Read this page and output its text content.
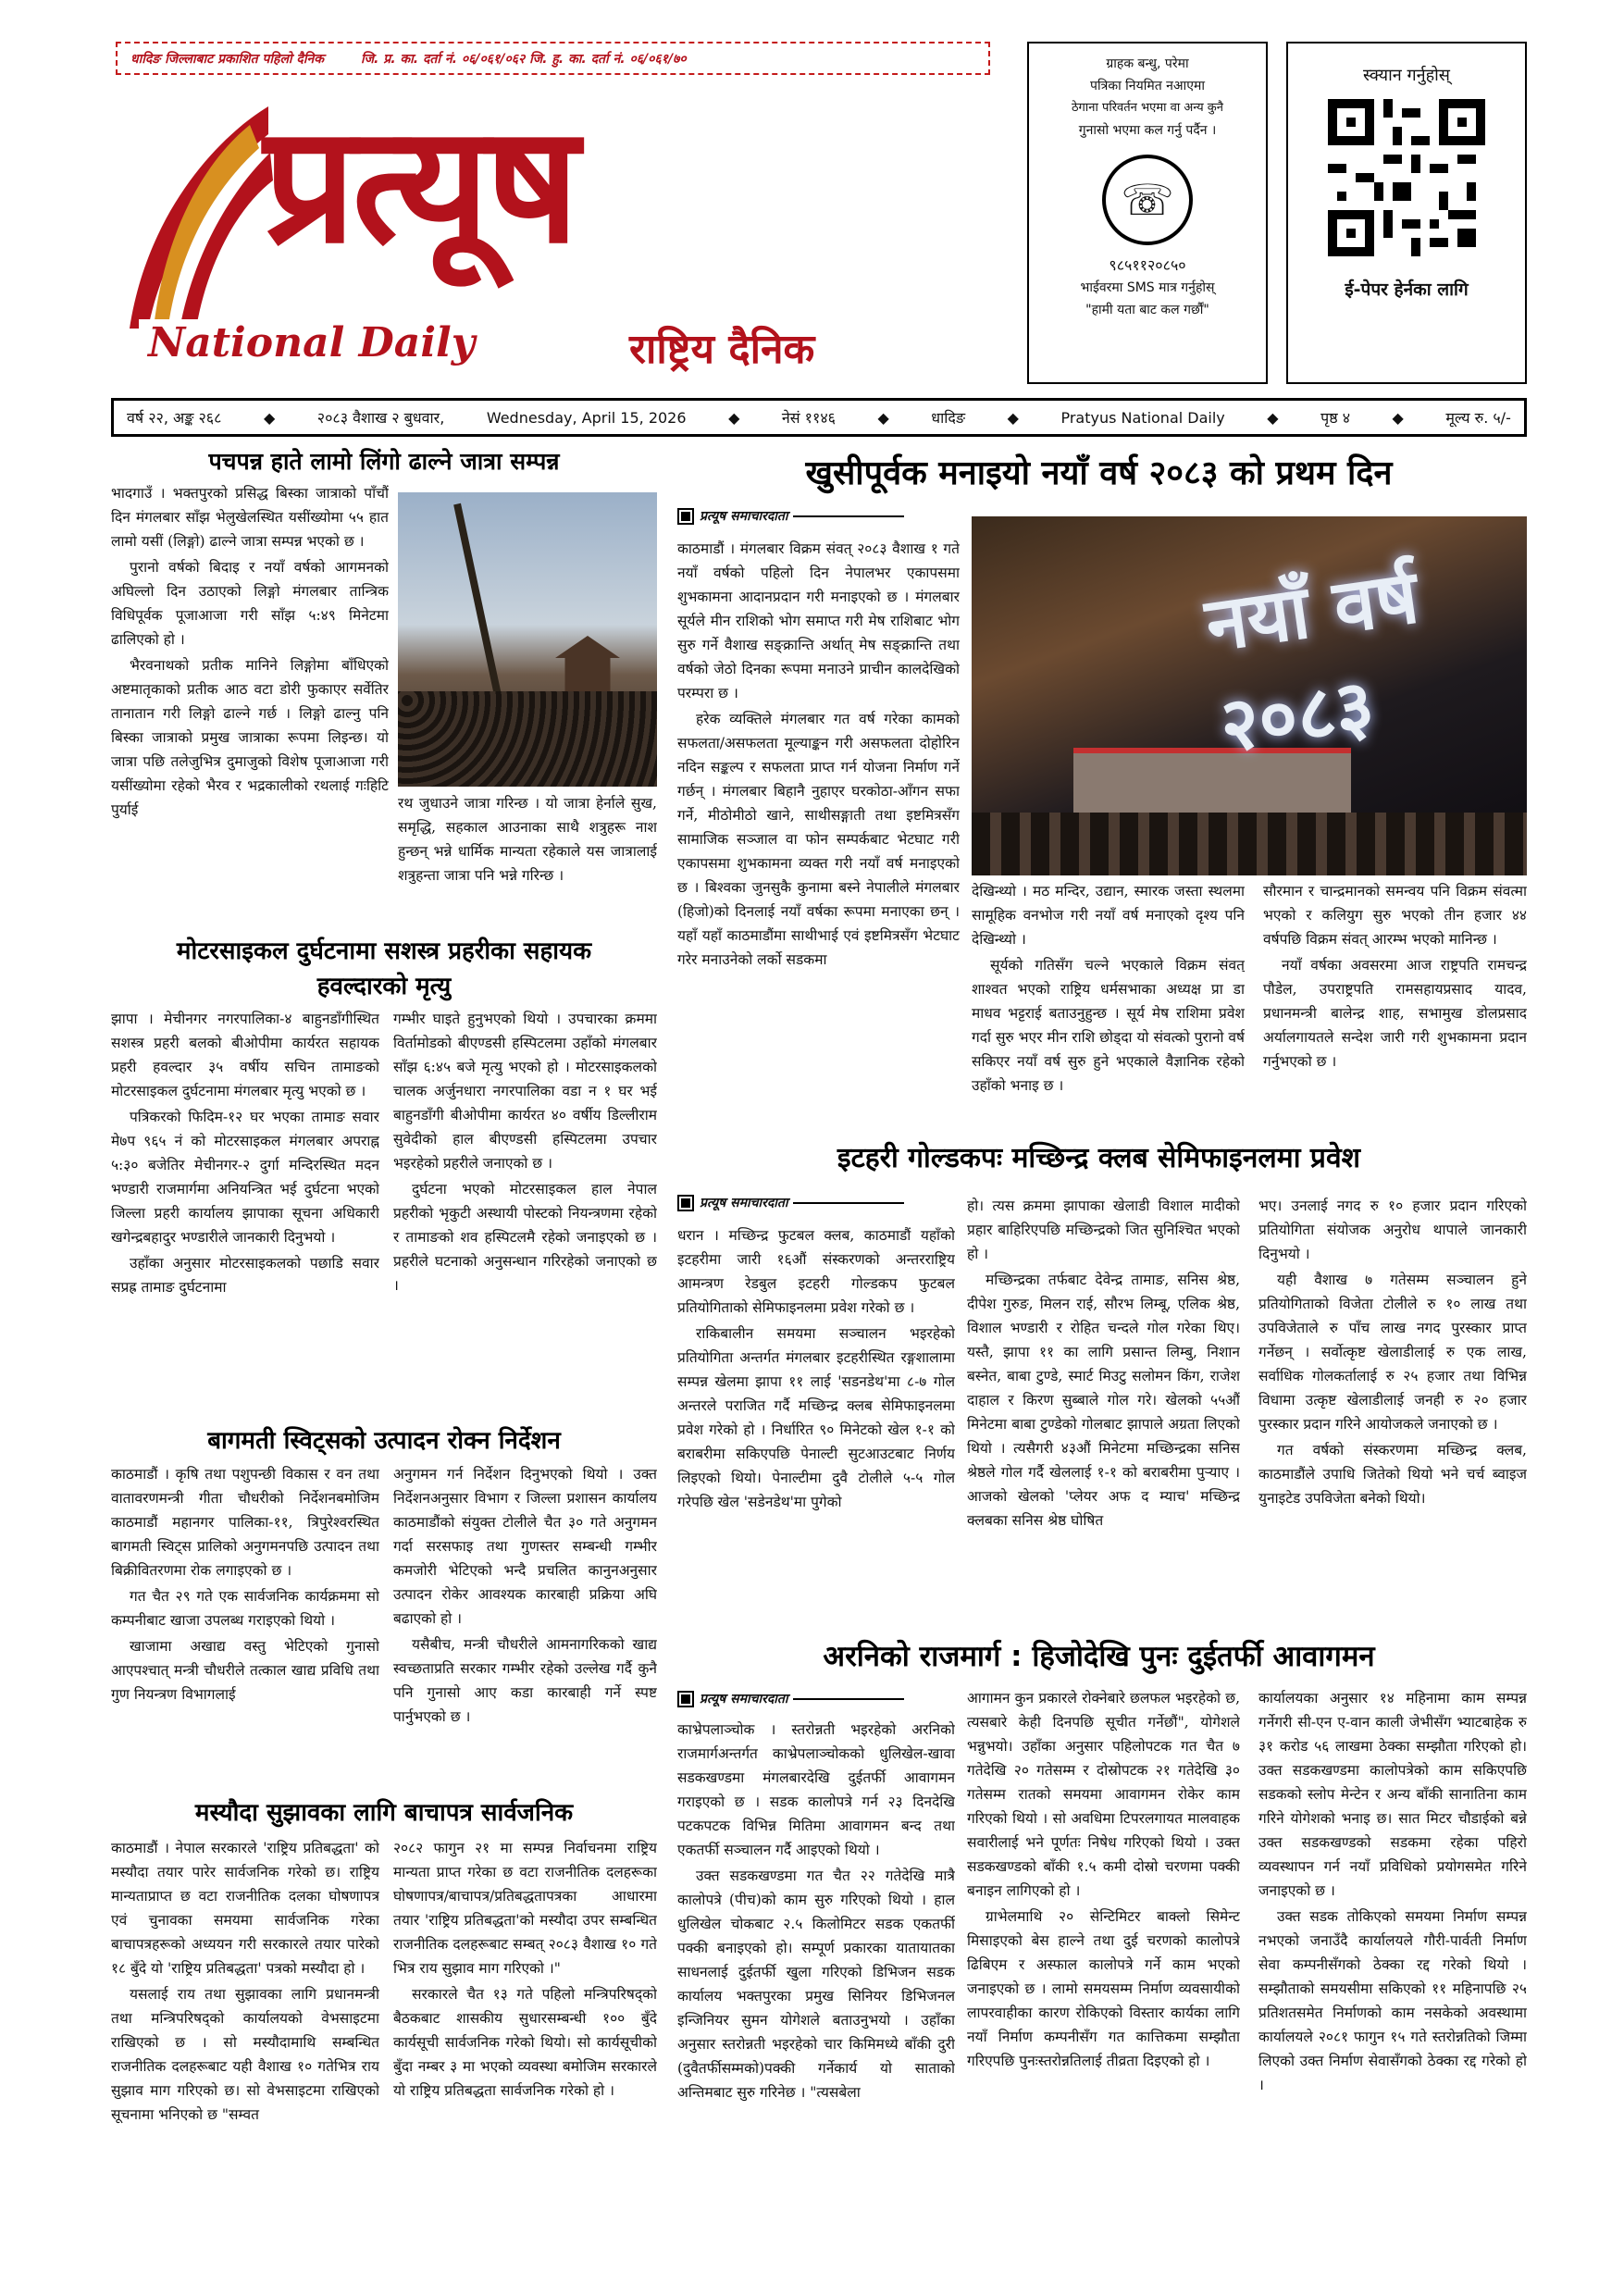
धादिङ जिल्लाबाट प्रकाशित पहिलो दैनिक	जि. प्र. का. दर्ता नं. ०६/०६१/०६२ जि. हु. का. दर्ता नं. ०६/०६१/७०
प्रत्यूष
National Daily	राष्ट्रिय दैनिक
ग्राहक बन्धु, परेमा
पत्रिका नियमित नआएमा
ठेगाना परिवर्तन भएमा वा अन्य कुनै
गुनासो भएमा कल गर्नु पर्दैन ।
☏
९८५११२०८५०
भाईवरमा SMS मात्र गर्नुहोस्
"हामी यता बाट कल गर्छौं"
स्क्यान गर्नुहोस्
ई-पेपर हेर्नका लागि
वर्ष २२, अङ्क २६८	◆	२०८३ वैशाख २ बुधवार,	Wednesday, April 15, 2026	◆	नेसं ११४६	◆	धादिङ	◆	Pratyus National Daily	◆	पृष्ठ ४	◆	मूल्य रु. ५/-
पचपन्न हाते लामो लिंगो ढाल्ने जात्रा सम्पन्न

भादगाउँ । भक्तपुरको प्रसिद्ध बिस्का जात्राको पाँचौं दिन मंगलबार साँझ भेलुखेलस्थित यसींख्योमा ५५ हात लामो यसीं (लिङ्गो) ढाल्ने जात्रा सम्पन्न भएको छ ।

पुरानो वर्षको बिदाइ र नयाँ वर्षको आगमनको अघिल्लो दिन उठाएको लिङ्गो मंगलबार तान्त्रिक विधिपूर्वक पूजाआजा गरी साँझ ५:४९ मिनेटमा ढालिएको हो ।

भैरवनाथको प्रतीक मानिने लिङ्गोमा बाँधिएको अष्टमातृकाको प्रतीक आठ वटा डोरी फुकाएर सर्वेतिर तानातान गरी लिङ्गो ढाल्ने गर्छ । लिङ्गो ढाल्नु पनि बिस्का जात्राको प्रमुख जात्राका रूपमा लिइन्छ। यो जात्रा पछि तलेजुभित्र दुमाजुको विशेष पूजाआजा गरी यसींख्योमा रहेको भैरव र भद्रकालीको रथलाई गःहिटि पुर्याई	रथ जुधाउने जात्रा गरिन्छ । यो जात्रा हेर्नाले सुख, समृद्धि, सहकाल आउनाका साथै शत्रुहरू नाश हुन्छन् भन्ने धार्मिक मान्यता रहेकाले यस जात्रालाई शत्रुहन्ता जात्रा पनि भन्ने गरिन्छ ।
खुसीपूर्वक मनाइयो नयाँ वर्ष २०८३ को प्रथम दिन
प्रत्यूष समाचारदाता

काठमाडौं । मंगलबार विक्रम संवत् २०८३ वैशाख १ गते नयाँ वर्षको पहिलो दिन नेपालभर एकापसमा शुभकामना आदानप्रदान गरी मनाइएको छ । मंगलबार सूर्यले मीन राशिको भोग समाप्त गरी मेष राशिबाट भोग सुरु गर्ने वैशाख सङ्क्रान्ति अर्थात् मेष सङ्क्रान्ति तथा वर्षको जेठो दिनका रूपमा मनाउने प्राचीन कालदेखिको परम्परा छ ।

हरेक व्यक्तिले मंगलबार गत वर्ष गरेका कामको सफलता/असफलता मूल्याङ्कन गरी असफलता दोहोरिन नदिन सङ्कल्प र सफलता प्राप्त गर्न योजना निर्माण गर्ने गर्छन् । मंगलबार बिहानै नुहाएर घरकोठा-आँगन सफा गर्ने, मीठोमीठो खाने, साथीसङ्गाती तथा इष्टमित्रसँग सामाजिक सञ्जाल वा फोन सम्पर्कबाट भेटघाट गरी एकापसमा शुभकामना व्यक्त गरी नयाँ वर्ष मनाइएको छ । बिश्वका जुनसुकै कुनामा बस्ने नेपालीले मंगलबार (हिजो)को दिनलाई नयाँ वर्षका रूपमा मनाएका छन् । यहाँ यहाँ काठमाडौंमा साथीभाई एवं इष्टमित्रसँग भेटघाट गरेर मनाउनेको लर्को सडकमा

नयाँ वर्ष २०८३

देखिन्थ्यो । मठ मन्दिर, उद्यान, स्मारक जस्ता स्थलमा सामूहिक वनभोज गरी नयाँ वर्ष मनाएको दृश्य पनि देखिन्थ्यो ।

सूर्यको गतिसँग चल्ने भएकाले विक्रम संवत् शाश्वत भएको राष्ट्रिय धर्मसभाका अध्यक्ष प्रा डा माधव भट्टराई बताउनुहुन्छ । सूर्य मेष राशिमा प्रवेश गर्दा सुरु भएर मीन राशि छोड्दा यो संवत्को पुरानो वर्ष सकिएर नयाँ वर्ष सुरु हुने भएकाले वैज्ञानिक रहेको उहाँको भनाइ छ ।

सौरमान र चान्द्रमानको समन्वय पनि विक्रम संवत्मा भएको र कलियुग सुरु भएको तीन हजार ४४ वर्षपछि विक्रम संवत् आरम्भ भएको मानिन्छ ।

नयाँ वर्षका अवसरमा आज राष्ट्रपति रामचन्द्र पौडेल, उपराष्ट्रपति रामसहायप्रसाद यादव, प्रधानमन्त्री बालेन्द्र शाह, सभामुख डोलप्रसाद अर्यालगायतले सन्देश जारी गरी शुभकामना प्रदान गर्नुभएको छ ।

मोटरसाइकल दुर्घटनामा सशस्त्र प्रहरीका सहायक
हवल्दारको मृत्यु

झापा । मेचीनगर नगरपालिका-४ बाहुनडाँगीस्थित सशस्त्र प्रहरी बलको बीओपीमा कार्यरत सहायक प्रहरी हवल्दार ३५ वर्षीय सचिन तामाङको मोटरसाइकल दुर्घटनामा मंगलबार मृत्यु भएको छ ।

पत्रिकरको फिदिम-१२ घर भएका तामाङ सवार मे७प ९६५ नं को मोटरसाइकल मंगलबार अपराह्न ५:३० बजेतिर मेचीनगर-२ दुर्गा मन्दिरस्थित मदन भण्डारी राजमार्गमा अनियन्त्रित भई दुर्घटना भएको जिल्ला प्रहरी कार्यालय झापाका सूचना अधिकारी खगेन्द्रबहादुर भण्डारीले जानकारी दिनुभयो ।

उहाँका अनुसार मोटरसाइकलको पछाडि सवार सप्रह्र तामाङ दुर्घटनामा

गम्भीर घाइते हुनुभएको थियो । उपचारका क्रममा विर्तामोडको बीएण्डसी हस्पिटलमा उहाँको मंगलबार साँझ ६:४५ बजे मृत्यु भएको हो । मोटरसाइकलको चालक अर्जुनधारा नगरपालिका वडा न १ घर भई बाहुनडाँगी बीओपीमा कार्यरत ४० वर्षीय डिल्लीराम सुवेदीको हाल बीएण्डसी हस्पिटलमा उपचार भइरहेको प्रहरीले जनाएको छ ।

दुर्घटना भएको मोटरसाइकल हाल नेपाल प्रहरीको भृकुटी अस्थायी पोस्टको नियन्त्रणमा रहेको र तामाङको शव हस्पिटलमै रहेको जनाइएको छ । प्रहरीले घटनाको अनुसन्धान गरिरहेको जनाएको छ ।

बागमती स्विट्सको उत्पादन रोक्न निर्देशन

काठमाडौं । कृषि तथा पशुपन्छी विकास र वन तथा वातावरणमन्त्री गीता चौधरीको निर्देशनबमोजिम काठमाडौं महानगर पालिका-११, त्रिपुरेश्वरस्थित बागमती स्विट्स प्रालिको अनुगमनपछि उत्पादन तथा बिक्रीवितरणमा रोक लगाइएको छ ।

गत चैत २९ गते एक सार्वजनिक कार्यक्रममा सो कम्पनीबाट खाजा उपलब्ध गराइएको थियो ।

खाजामा अखाद्य वस्तु भेटिएको गुनासो आएपश्चात् मन्त्री चौधरीले तत्काल खाद्य प्रविधि तथा गुण नियन्त्रण विभागलाई

अनुगमन गर्न निर्देशन दिनुभएको थियो । उक्त निर्देशनअनुसार विभाग र जिल्ला प्रशासन कार्यालय काठमाडौंको संयुक्त टोलीले चैत ३० गते अनुगमन गर्दा सरसफाइ तथा गुणस्तर सम्बन्धी गम्भीर कमजोरी भेटिएको भन्दै प्रचलित कानुनअनुसार उत्पादन रोकेर आवश्यक कारबाही प्रक्रिया अघि बढाएको हो ।

यसैबीच, मन्त्री चौधरीले आमनागरिकको खाद्य स्वच्छताप्रति सरकार गम्भीर रहेको उल्लेख गर्दै कुनै पनि गुनासो आए कडा कारबाही गर्ने स्पष्ट पार्नुभएको छ ।

मस्यौदा सुझावका लागि बाचापत्र सार्वजनिक

काठमाडौं । नेपाल सरकारले 'राष्ट्रिय प्रतिबद्धता' को मस्यौदा तयार पारेर सार्वजनिक गरेको छ। राष्ट्रिय मान्यताप्राप्त छ वटा राजनीतिक दलका घोषणापत्र एवं चुनावका समयमा सार्वजनिक गरेका बाचापत्रहरूको अध्ययन गरी सरकारले तयार पारेको १८ बुँदे यो 'राष्ट्रिय प्रतिबद्धता' पत्रको मस्यौदा हो ।

यसलाई राय तथा सुझावका लागि प्रधानमन्त्री तथा मन्त्रिपरिषद्को कार्यालयको वेभसाइटमा राखिएको छ । सो मस्यौदामाथि सम्बन्धित राजनीतिक दलहरूबाट यही वैशाख १० गतेभित्र राय सुझाव माग गरिएको छ। सो वेभसाइटमा राखिएको सूचनामा भनिएको छ "सम्वत

२०८२ फागुन २१ मा सम्पन्न निर्वाचनमा राष्ट्रिय मान्यता प्राप्त गरेका छ वटा राजनीतिक दलहरूका घोषणापत्र/बाचापत्र/प्रतिबद्धतापत्रका आधारमा तयार 'राष्ट्रिय प्रतिबद्धता'को मस्यौदा उपर सम्बन्धित राजनीतिक दलहरूबाट सम्बत् २०८३ वैशाख १० गते भित्र राय सुझाव माग गरिएको ।"

सरकारले चैत १३ गते पहिलो मन्त्रिपरिषद्को बैठकबाट शासकीय सुधारसम्बन्धी १०० बुँदे कार्यसूची सार्वजनिक गरेको थियो। सो कार्यसूचीको बुँदा नम्बर ३ मा भएको व्यवस्था बमोजिम सरकारले यो राष्ट्रिय प्रतिबद्धता सार्वजनिक गरेको हो ।

इटहरी गोल्डकपः मच्छिन्द्र क्लब सेमिफाइनलमा प्रवेश
प्रत्यूष समाचारदाता

धरान । मच्छिन्द्र फुटबल क्लब, काठमाडौं यहाँको इटहरीमा जारी १६औं संस्करणको अन्तरराष्ट्रिय आमन्त्रण रेडबुल इटहरी गोल्डकप फुटबल प्रतियोगिताको सेमिफाइनलमा प्रवेश गरेको छ ।

राकिबालीन समयमा सञ्चालन भइरहेको प्रतियोगिता अन्तर्गत मंगलबार इटहरीस्थित रङ्गशालामा सम्पन्न खेलमा झापा ११ लाई 'सडनडेथ'मा ८-७ गोल अन्तरले पराजित गर्दै मच्छिन्द्र क्लब सेमिफाइनलमा प्रवेश गरेको हो । निर्धारित ९० मिनेटको खेल १-१ को बराबरीमा सकिएपछि पेनाल्टी सुटआउटबाट निर्णय लिइएको थियो। पेनाल्टीमा दुवै टोलीले ५-५ गोल गरेपछि खेल 'सडेनडेथ'मा पुगेको

हो। त्यस क्रममा झापाका खेलाडी विशाल मादीको प्रहार बाहिरिएपछि मच्छिन्द्रको जित सुनिश्चित भएको हो ।

मच्छिन्द्रका तर्फबाट देवेन्द्र तामाङ, सनिस श्रेष्ठ, दीपेश गुरुङ, मिलन राई, सौरभ लिम्बू, एलिक श्रेष्ठ, विशाल भण्डारी र रोहित चन्दले गोल गरेका थिए। यस्तै, झापा ११ का लागि प्रसान्त लिम्बु, निशान बस्नेत, बाबा टुण्डे, स्मार्ट मिउटु सलोमन किंग, राजेश दाहाल र किरण सुब्बाले गोल गरे। खेलको ५५औं मिनेटमा बाबा टुण्डेको गोलबाट झापाले अग्रता लिएको थियो । त्यसैगरी ४३औं मिनेटमा मच्छिन्द्रका सनिस श्रेष्ठले गोल गर्दै खेललाई १-१ को बराबरीमा पुऱ्याए । आजको खेलको 'प्लेयर अफ द म्याच' मच्छिन्द्र क्लबका सनिस श्रेष्ठ घोषित

भए। उनलाई नगद रु १० हजार प्रदान गरिएको प्रतियोगिता संयोजक अनुरोध थापाले जानकारी दिनुभयो ।

यही वैशाख ७ गतेसम्म सञ्चालन हुने प्रतियोगिताको विजेता टोलीले रु १० लाख तथा उपविजेताले रु पाँच लाख नगद पुरस्कार प्राप्त गर्नेछन् । सर्वोत्कृष्ट खेलाडीलाई रु एक लाख, सर्वाधिक गोलकर्तालाई रु २५ हजार तथा विभिन्न विधामा उत्कृष्ट खेलाडीलाई जनही रु २० हजार पुरस्कार प्रदान गरिने आयोजकले जनाएको छ ।

गत वर्षको संस्करणमा मच्छिन्द्र क्लब, काठमाडौंले उपाधि जितेको थियो भने चर्च ब्वाइज युनाइटेड उपविजेता बनेको थियो।

अरनिको राजमार्ग : हिजोदेखि पुनः दुईतर्फी आवागमन
प्रत्यूष समाचारदाता

काभ्रेपलाञ्चोक । स्तरोन्नती भइरहेको अरनिको राजमार्गअन्तर्गत काभ्रेपलाञ्चोकको धुलिखेल-खावा सडकखण्डमा मंगलबारदेखि दुईतर्फी आवागमन गराइएको छ । सडक कालोपत्रे गर्न २३ दिनदेखि पटकपटक विभिन्न मितिमा आवागमन बन्द तथा एकतर्फी सञ्चालन गर्दै आइएको थियो ।

उक्त सडकखण्डमा गत चैत २२ गतेदेखि मात्रै कालोपत्रे (पीच)को काम सुरु गरिएको थियो । हाल धुलिखेल चोकबाट २.५ किलोमिटर सडक एकतर्फी पक्की बनाइएको हो। सम्पूर्ण प्रकारका यातायातका साधनलाई दुईतर्फी खुला गरिएको डिभिजन सडक कार्यालय भक्तपुरका प्रमुख सिनियर डिभिजनल इन्जिनियर सुमन योगेशले बताउनुभयो । उहाँका अनुसार स्तरोन्नती भइरहेको चार किमिमध्ये बाँकी दुरी (दुवैतर्फीसम्मको)पक्की गर्नेकार्य यो साताको अन्तिमबाट सुरु गरिनेछ । "त्यसबेला

आगामन कुन प्रकारले रोक्नेबारे छलफल भइरहेको छ, त्यसबारे केही दिनपछि सूचीत गर्नेछौं", योगेशले भन्नुभयो। उहाँका अनुसार पहिलोपटक गत चैत ७ गतेदेखि २० गतेसम्म र दोस्रोपटक २१ गतेदेखि ३० गतेसम्म रातको समयमा आवागमन रोकेर काम गरिएको थियो । सो अवधिमा टिपरलगायत मालवाहक सवारीलाई भने पूर्णतः निषेध गरिएको थियो । उक्त सडकखण्डको बाँकी १.५ कमी दोस्रो चरणमा पक्की बनाइन लागिएको हो ।

ग्राभेलमाथि २० सेन्टिमिटर बाक्लो सिमेन्ट मिसाइएको बेस हाल्ने तथा दुई चरणको कालोपत्रे ढिबिएम र अस्फाल कालोपत्रे गर्ने काम भएको जनाइएको छ । लामो समयसम्म निर्माण व्यवसायीको लापरवाहीका कारण रोकिएको विस्तार कार्यका लागि नयाँ निर्माण कम्पनीसँग गत कात्तिकमा सम्झौता गरिएपछि पुनःस्तरोन्नतिलाई तीव्रता दिइएको हो ।

कार्यालयका अनुसार १४ महिनामा काम सम्पन्न गर्नेगरी सी-एन ए-वान काली जेभीसँग भ्याटबाहेक रु ३१ करोड ५६ लाखमा ठेक्का सम्झौता गरिएको हो। उक्त सडकखण्डमा कालोपत्रेको काम सकिएपछि सडकको स्लोप मेन्टेन र अन्य बाँकी सानातिना काम गरिने योगेशको भनाइ छ। सात मिटर चौडाईको बन्ने उक्त सडकखण्डको सडकमा रहेका पहिरो व्यवस्थापन गर्न नयाँ प्रविधिको प्रयोगसमेत गरिने जनाइएको छ ।

उक्त सडक तोकिएको समयमा निर्माण सम्पन्न नभएको जनाउँदै कार्यालयले गौरी-पार्वती निर्माण सेवा कम्पनीसँगको ठेक्का रद्द गरेको थियो । सम्झौताको समयसीमा सकिएको ११ महिनापछि २५ प्रतिशतसमेत निर्माणको काम नसकेको अवस्थामा कार्यालयले २०८१ फागुन १५ गते स्तरोन्नतिको जिम्मा लिएको उक्त निर्माण सेवासँगको ठेक्का रद्द गरेको हो ।
